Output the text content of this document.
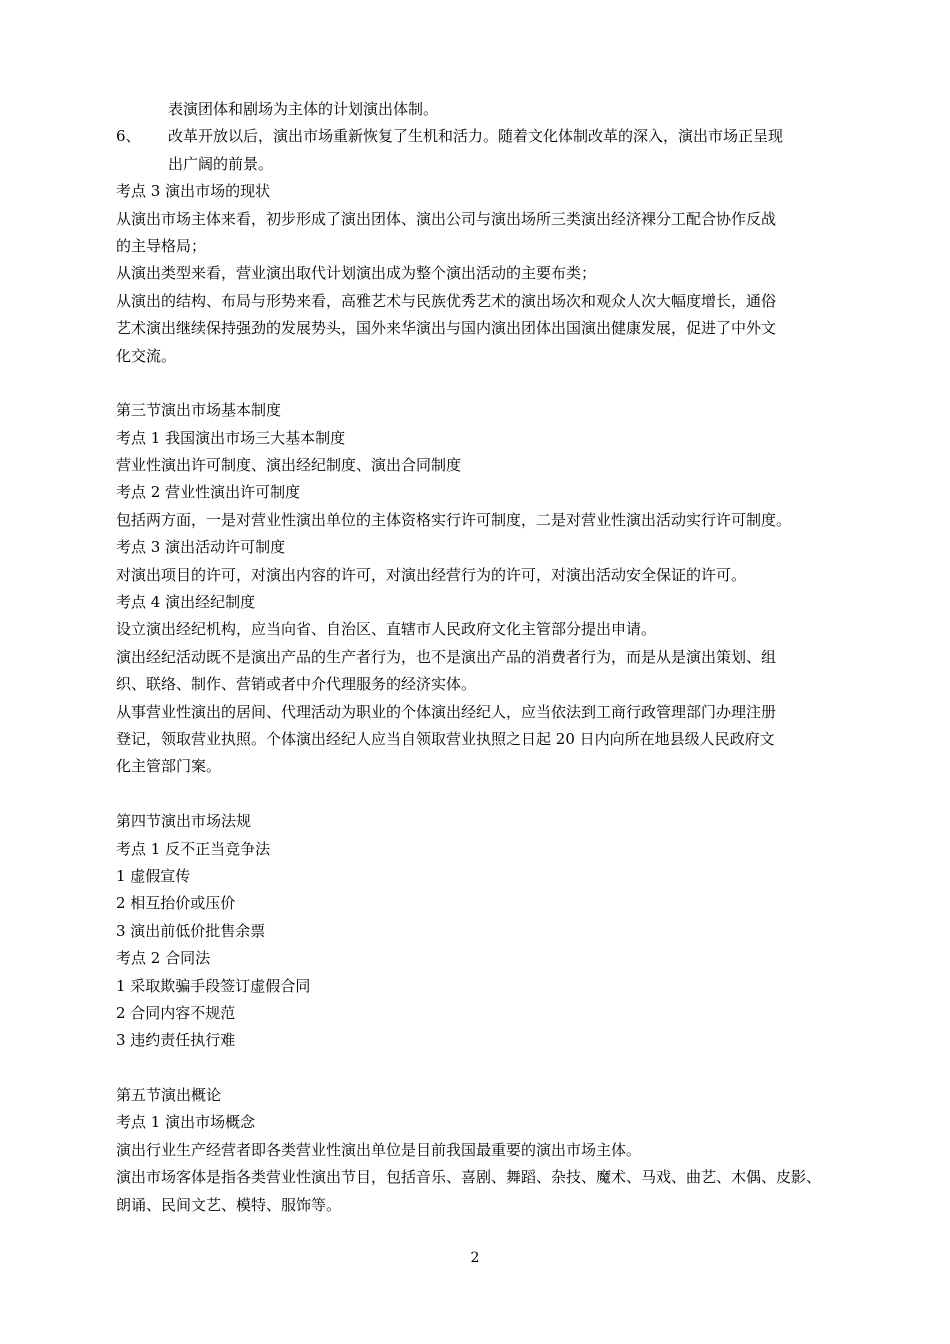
表演团体和剧场为主体的计划演出体制。
6、 改革开放以后，演出市场重新恢复了生机和活力。随着文化体制改革的深入，演出市场正呈现
出广阔的前景。
考点 3 演出市场的现状
从演出市场主体来看，初步形成了演出团体、演出公司与演出场所三类演出经济裸分工配合协作反战
的主导格局；
从演出类型来看，营业演出取代计划演出成为整个演出活动的主要布类；
从演出的结构、布局与形势来看，高雅艺术与民族优秀艺术的演出场次和观众人次大幅度增长，通俗
艺术演出继续保持强劲的发展势头，国外来华演出与国内演出团体出国演出健康发展，促进了中外文
化交流。
第三节演出市场基本制度
考点 1 我国演出市场三大基本制度
营业性演出许可制度、演出经纪制度、演出合同制度
考点 2 营业性演出许可制度
包括两方面，一是对营业性演出单位的主体资格实行许可制度，二是对营业性演出活动实行许可制度。
考点 3 演出活动许可制度
对演出项目的许可，对演出内容的许可，对演出经营行为的许可，对演出活动安全保证的许可。
考点 4 演出经纪制度
设立演出经纪机构，应当向省、自治区、直辖市人民政府文化主管部分提出申请。
演出经纪活动既不是演出产品的生产者行为，也不是演出产品的消费者行为，而是从是演出策划、组
织、联络、制作、营销或者中介代理服务的经济实体。
从事营业性演出的居间、代理活动为职业的个体演出经纪人，应当依法到工商行政管理部门办理注册
登记，领取营业执照。个体演出经纪人应当自领取营业执照之日起 20 日内向所在地县级人民政府文
化主管部门案。
第四节演出市场法规
考点 1 反不正当竞争法
1 虚假宣传
2 相互抬价或压价
3 演出前低价批售余票
考点 2 合同法
1 采取欺骗手段签订虚假合同
2 合同内容不规范
3 违约责任执行难
第五节演出概论
考点 1 演出市场概念
演出行业生产经营者即各类营业性演出单位是目前我国最重要的演出市场主体。
演出市场客体是指各类营业性演出节目，包括音乐、喜剧、舞蹈、杂技、魔术、马戏、曲艺、木偶、皮影、
朗诵、民间文艺、模特、服饰等。
2
